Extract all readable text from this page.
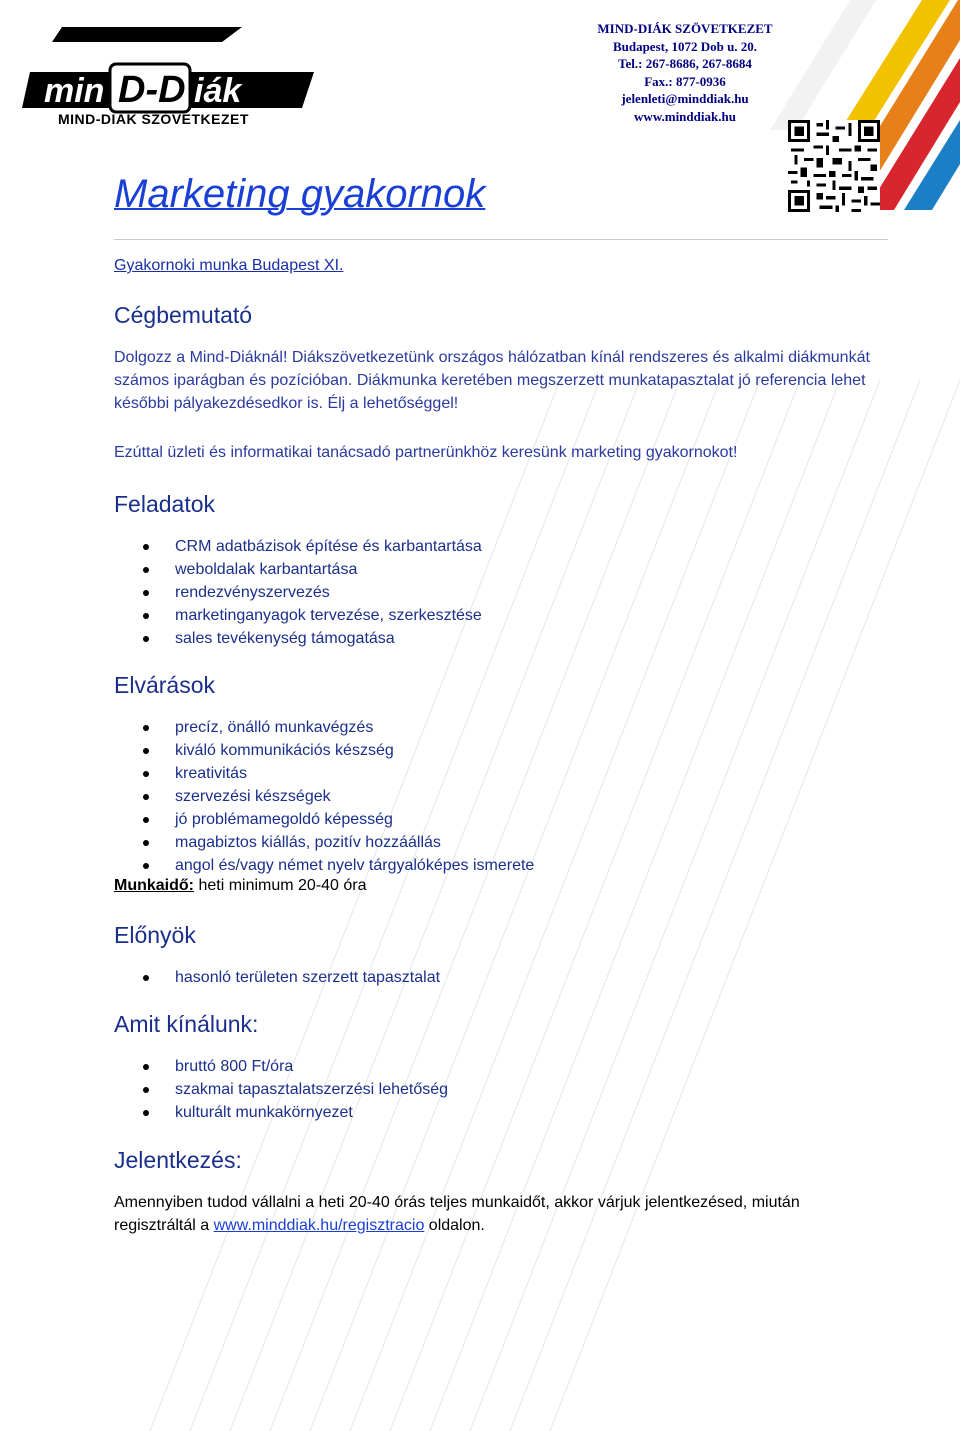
min D-D iák
MIND-DIÁK SZÖVETKEZET
MIND-DIÁK SZÖVETKEZET
Budapest, 1072 Dob u. 20.
Tel.: 267-8686, 267-8684
Fax.: 877-0936
jelenleti@minddiak.hu
www.minddiak.hu
Marketing gyakornok
Gyakornoki munka Budapest XI.
Cégbemutató

Dolgozz a Mind-Diáknál! Diákszövetkezetünk országos hálózatban kínál rendszeres és alkalmi diákmunkát számos iparágban és pozícióban. Diákmunka keretében megszerzett munkatapasztalat jó referencia lehet későbbi pályakezdésedkor is. Élj a lehetőséggel!

Ezúttal üzleti és informatikai tanácsadó partnerünkhöz keresünk marketing gyakornokot!

Feladatok
CRM adatbázisok építése és karbantartása
weboldalak karbantartása
rendezvényszervezés
marketinganyagok tervezése, szerkesztése
sales tevékenység támogatása
Elvárások
precíz, önálló munkavégzés
kiváló kommunikációs készség
kreativitás
szervezési készségek
jó problémamegoldó képesség
magabiztos kiállás, pozitív hozzáállás
angol és/vagy német nyelv tárgyalóképes ismerete
Munkaidő: heti minimum 20-40 óra
Előnyök
hasonló területen szerzett tapasztalat
Amit kínálunk:
bruttó 800 Ft/óra
szakmai tapasztalatszerzési lehetőség
kulturált munkakörnyezet
Jelentkezés:

Amennyiben tudod vállalni a heti 20-40 órás teljes munkaidőt, akkor várjuk jelentkezésed, miután regisztráltál a www.minddiak.hu/regisztracio oldalon.
